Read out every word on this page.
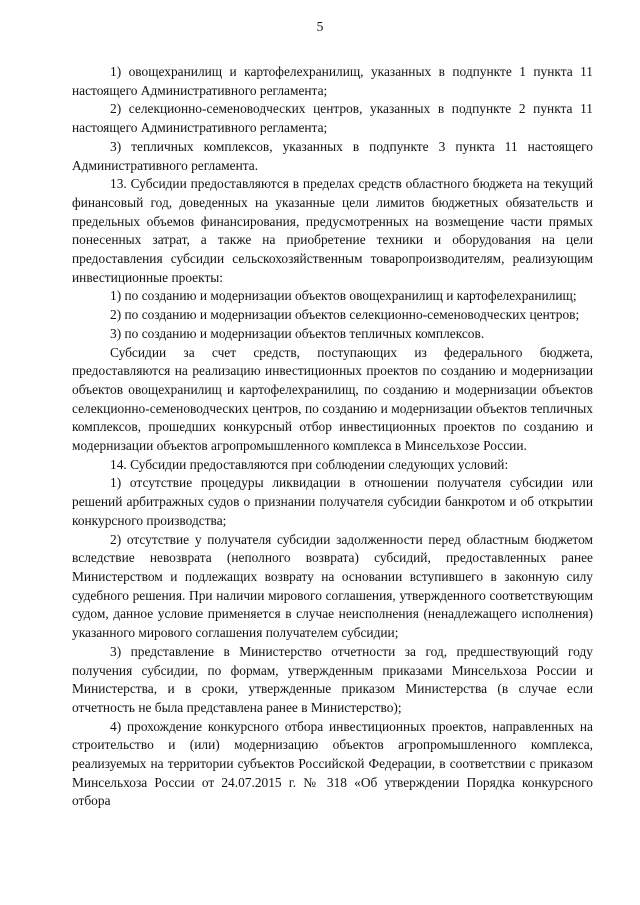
5

1) овощехранилищ и картофелехранилищ, указанных в подпункте 1 пункта 11 настоящего Административного регламента;

2) селекционно-семеноводческих центров, указанных в подпункте 2 пункта 11 настоящего Административного регламента;

3) тепличных комплексов, указанных в подпункте 3 пункта 11 настоящего Административного регламента.

13. Субсидии предоставляются в пределах средств областного бюджета на текущий финансовый год, доведенных на указанные цели лимитов бюджетных обязательств и предельных объемов финансирования, предусмотренных на возмещение части прямых понесенных затрат, а также на приобретение техники и оборудования на цели предоставления субсидии сельскохозяйственным товаропроизводителям, реализующим инвестиционные проекты:

1) по созданию и модернизации объектов овощехранилищ и картофелехранилищ;

2) по созданию и модернизации объектов селекционно-семеноводческих центров;

3) по созданию и модернизации объектов тепличных комплексов.

Субсидии за счет средств, поступающих из федерального бюджета, предоставляются на реализацию инвестиционных проектов по созданию и модернизации объектов овощехранилищ и картофелехранилищ, по созданию и модернизации объектов селекционно-семеноводческих центров, по созданию и модернизации объектов тепличных комплексов, прошедших конкурсный отбор инвестиционных проектов по созданию и модернизации объектов агропромышленного комплекса в Минсельхозе России.

14. Субсидии предоставляются при соблюдении следующих условий:

1) отсутствие процедуры ликвидации в отношении получателя субсидии или решений арбитражных судов о признании получателя субсидии банкротом и об открытии конкурсного производства;

2) отсутствие у получателя субсидии задолженности перед областным бюджетом вследствие невозврата (неполного возврата) субсидий, предоставленных ранее Министерством и подлежащих возврату на основании вступившего в законную силу судебного решения. При наличии мирового соглашения, утвержденного соответствующим судом, данное условие применяется в случае неисполнения (ненадлежащего исполнения) указанного мирового соглашения получателем субсидии;

3) представление в Министерство отчетности за год, предшествующий году получения субсидии, по формам, утвержденным приказами Минсельхоза России и Министерства, и в сроки, утвержденные приказом Министерства (в случае если отчетность не была представлена ранее в Министерство);

4) прохождение конкурсного отбора инвестиционных проектов, направленных на строительство и (или) модернизацию объектов агропромышленного комплекса, реализуемых на территории субъектов Российской Федерации, в соответствии с приказом Минсельхоза России от 24.07.2015 г. № 318 «Об утверждении Порядка конкурсного отбора
